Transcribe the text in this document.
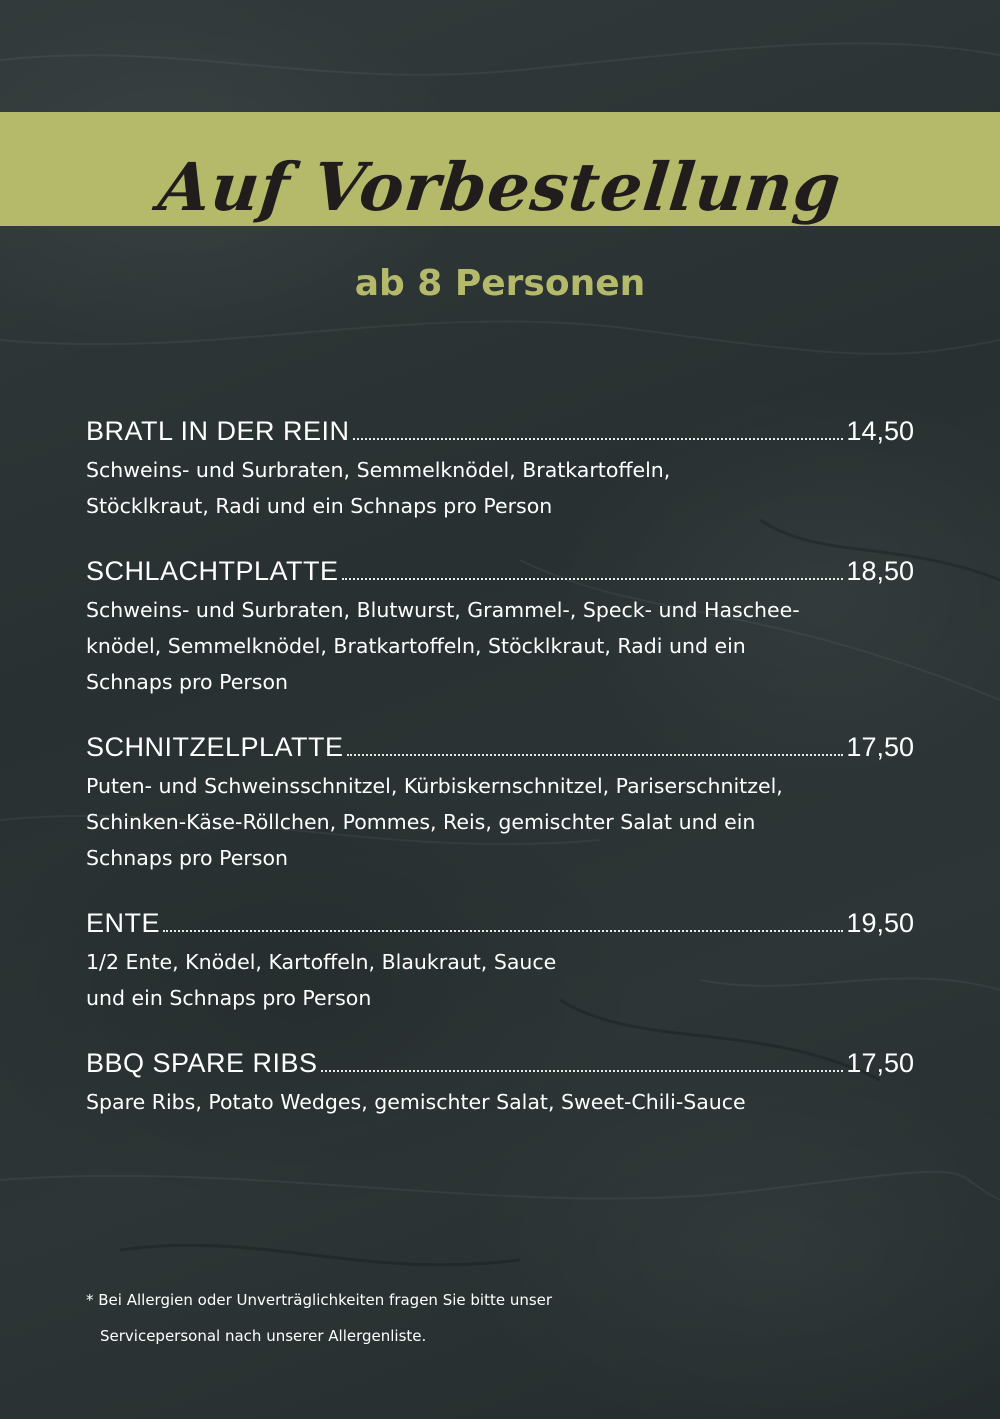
Auf Vorbestellung
ab 8 Personen
BRATL IN DER REIN	14,50
Schweins- und Surbraten, Semmelknödel, Bratkartoffeln,
Stöcklkraut, Radi und ein Schnaps pro Person
SCHLACHTPLATTE	18,50
Schweins- und Surbraten, Blutwurst, Grammel-, Speck- und Haschee-
knödel, Semmelknödel, Bratkartoffeln, Stöcklkraut, Radi und ein
Schnaps pro Person
SCHNITZELPLATTE	17,50
Puten- und Schweinsschnitzel, Kürbiskernschnitzel, Pariserschnitzel,
Schinken-Käse-Röllchen, Pommes, Reis, gemischter Salat und ein
Schnaps pro Person
ENTE	19,50
1/2 Ente, Knödel, Kartoffeln, Blaukraut, Sauce
und ein Schnaps pro Person
BBQ SPARE RIBS	17,50
Spare Ribs, Potato Wedges, gemischter Salat, Sweet-Chili-Sauce
* Bei Allergien oder Unverträglichkeiten fragen Sie bitte unser
Servicepersonal nach unserer Allergenliste.
